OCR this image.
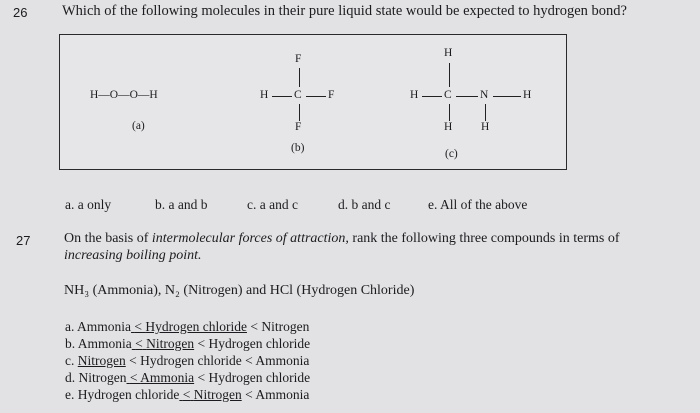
26 Which of the following molecules in their pure liquid state would be expected to hydrogen bond?
H—O—O—H
(a)
F
H C F
F
(b)
H
H C N	H
H H
(c)
a. a only	b. a and b	c. a and c	d. b and c	e. All of the above
27 On the basis of intermolecular forces of attraction, rank the following three compounds in terms of
increasing boiling point.
NH₃ (Ammonia), N₂ (Nitrogen) and HCl (Hydrogen Chloride)
a. Ammonia < Hydrogen chloride < Nitrogen
b. Ammonia < Nitrogen < Hydrogen chloride
c. Nitrogen < Hydrogen chloride < Ammonia
d. Nitrogen < Ammonia < Hydrogen chloride
e. Hydrogen chloride < Nitrogen < Ammonia
